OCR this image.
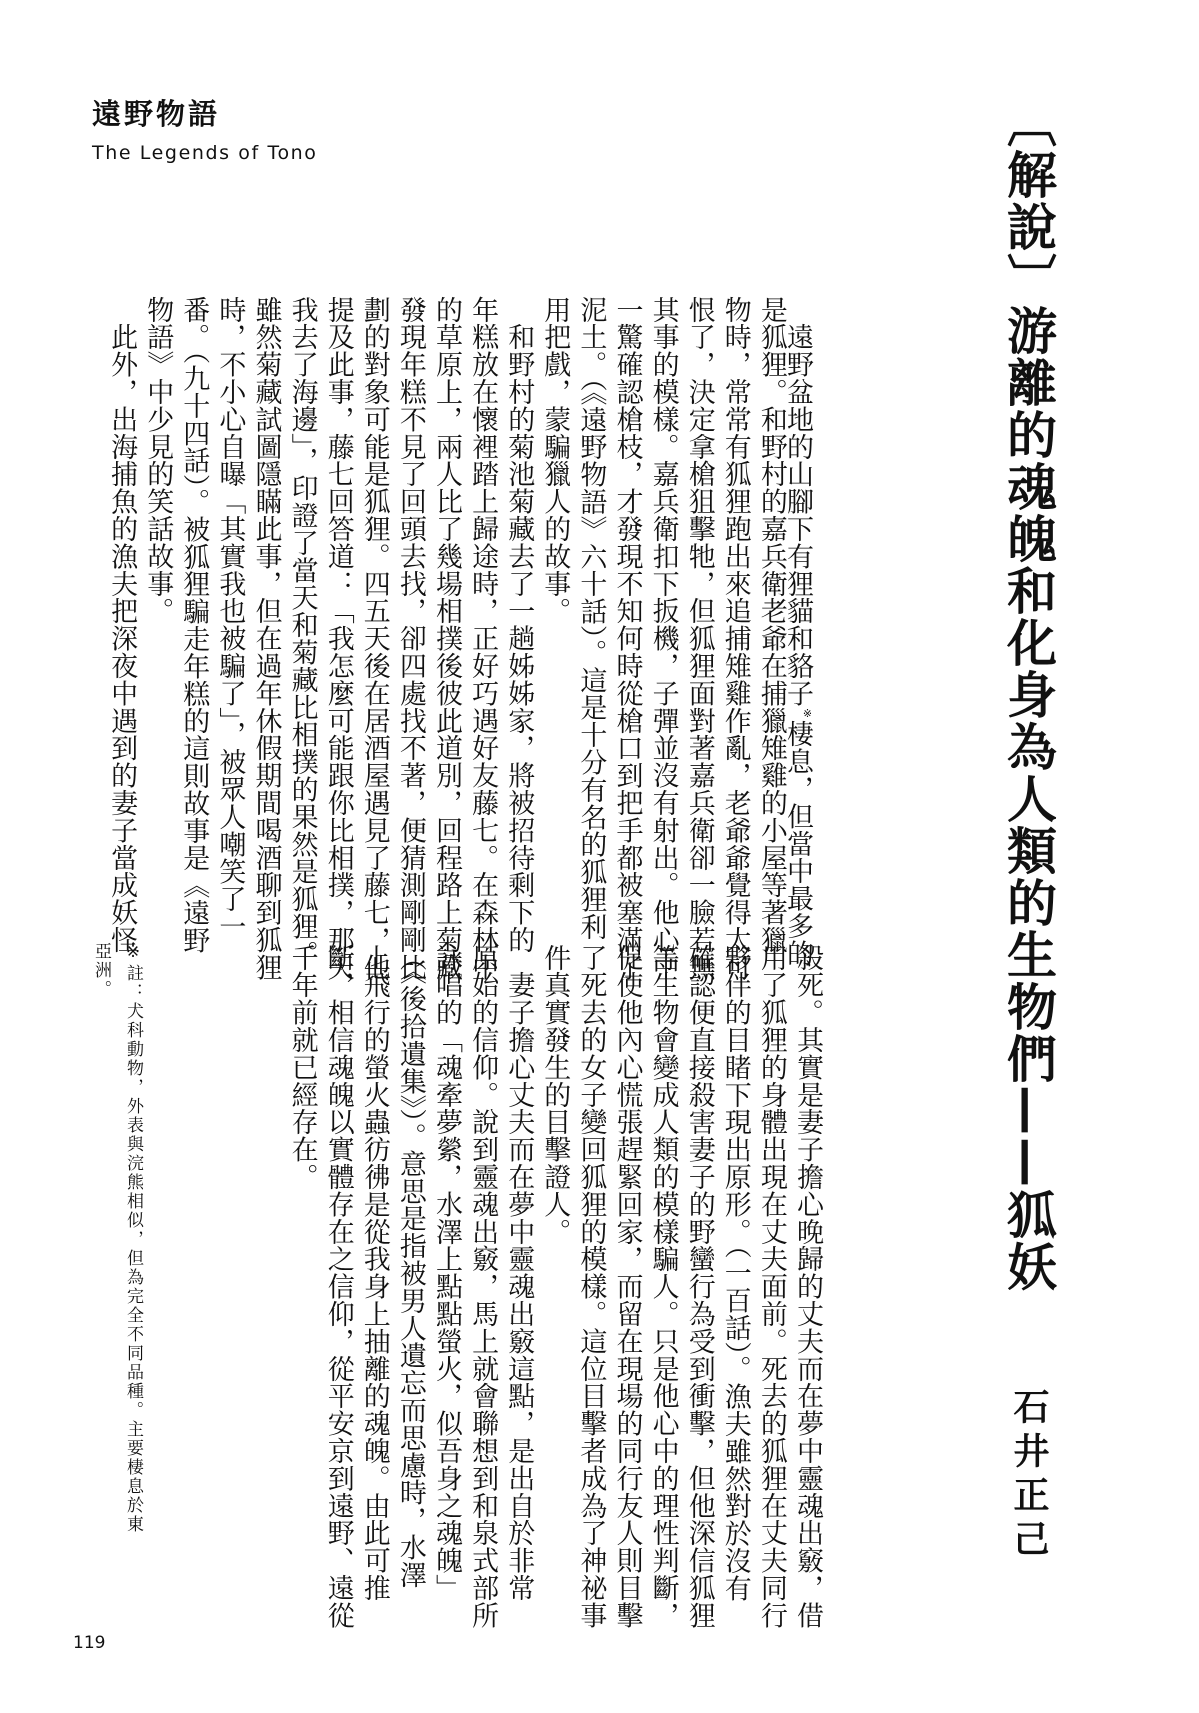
遠野物語
The Legends of Tono	〔解說〕游離的魂魄和化身為人類的生物們——狐妖
石井正己
　遠野盆地的山腳下有狸貓和貉子※棲息，但當中最多的
是狐狸。和野村的嘉兵衛老爺在捕獵雉雞的小屋等著獵
物時，常常有狐狸跑出來追捕雉雞作亂，老爺爺覺得太可
恨了，決定拿槍狙擊牠，但狐狸面對著嘉兵衛卻一臉若無
其事的模樣。嘉兵衛扣下扳機，子彈並沒有射出。他心中
一驚確認槍枝，才發現不知何時從槍口到把手都被塞滿了
泥土。（《遠野物語》六十話）。這是十分有名的狐狸利
用把戲，蒙騙獵人的故事。
　和野村的菊池菊藏去了一趟姊姊家，將被招待剩下的
年糕放在懷裡踏上歸途時，正好巧遇好友藤七。在森林中
的草原上，兩人比了幾場相撲後彼此道別，回程路上菊藏
發現年糕不見了回頭去找，卻四處找不著，便猜測剛剛比
劃的對象可能是狐狸。四五天後在居酒屋遇見了藤七，他
提及此事，藤七回答道：「我怎麼可能跟你比相撲，那天
我去了海邊」，印證了當天和菊藏比相撲的果然是狐狸。
雖然菊藏試圖隱瞞此事，但在過年休假期間喝酒聊到狐狸
時，不小心自曝「其實我也被騙了」，被眾人嘲笑了一
番。（九十四話）。被狐狸騙走年糕的這則故事是《遠野
物語》中少見的笑話故事。
　此外，出海捕魚的漁夫把深夜中遇到的妻子當成妖怪
殺死。其實是妻子擔心晚歸的丈夫而在夢中靈魂出竅，借
用了狐狸的身體出現在丈夫面前。死去的狐狸在丈夫同行
夥伴的目睹下現出原形。（一百話）。漁夫雖然對於沒有
確認便直接殺害妻子的野蠻行為受到衝擊，但他深信狐狸
等生物會變成人類的模樣騙人。只是他心中的理性判斷，
促使他內心慌張趕緊回家，而留在現場的同行友人則目擊
了死去的女子變回狐狸的模樣。這位目擊者成為了神祕事
件真實發生的目擊證人。
　妻子擔心丈夫而在夢中靈魂出竅這點，是出自於非常
原始的信仰。說到靈魂出竅，馬上就會聯想到和泉式部所
詠唱的「魂牽夢縈，水澤上點點螢火，似吾身之魂魄」
（《後拾遺集》）。意思是指被男人遺忘而思慮時，水澤
上飛行的螢火蟲彷彿是從我身上抽離的魂魄。由此可推
斷，相信魂魄以實體存在之信仰，從平安京到遠野、遠從
千年前就已經存在。
※註：犬科動物，外表與浣熊相似，但為完全不同品種。主要棲息於東
亞洲。
119
